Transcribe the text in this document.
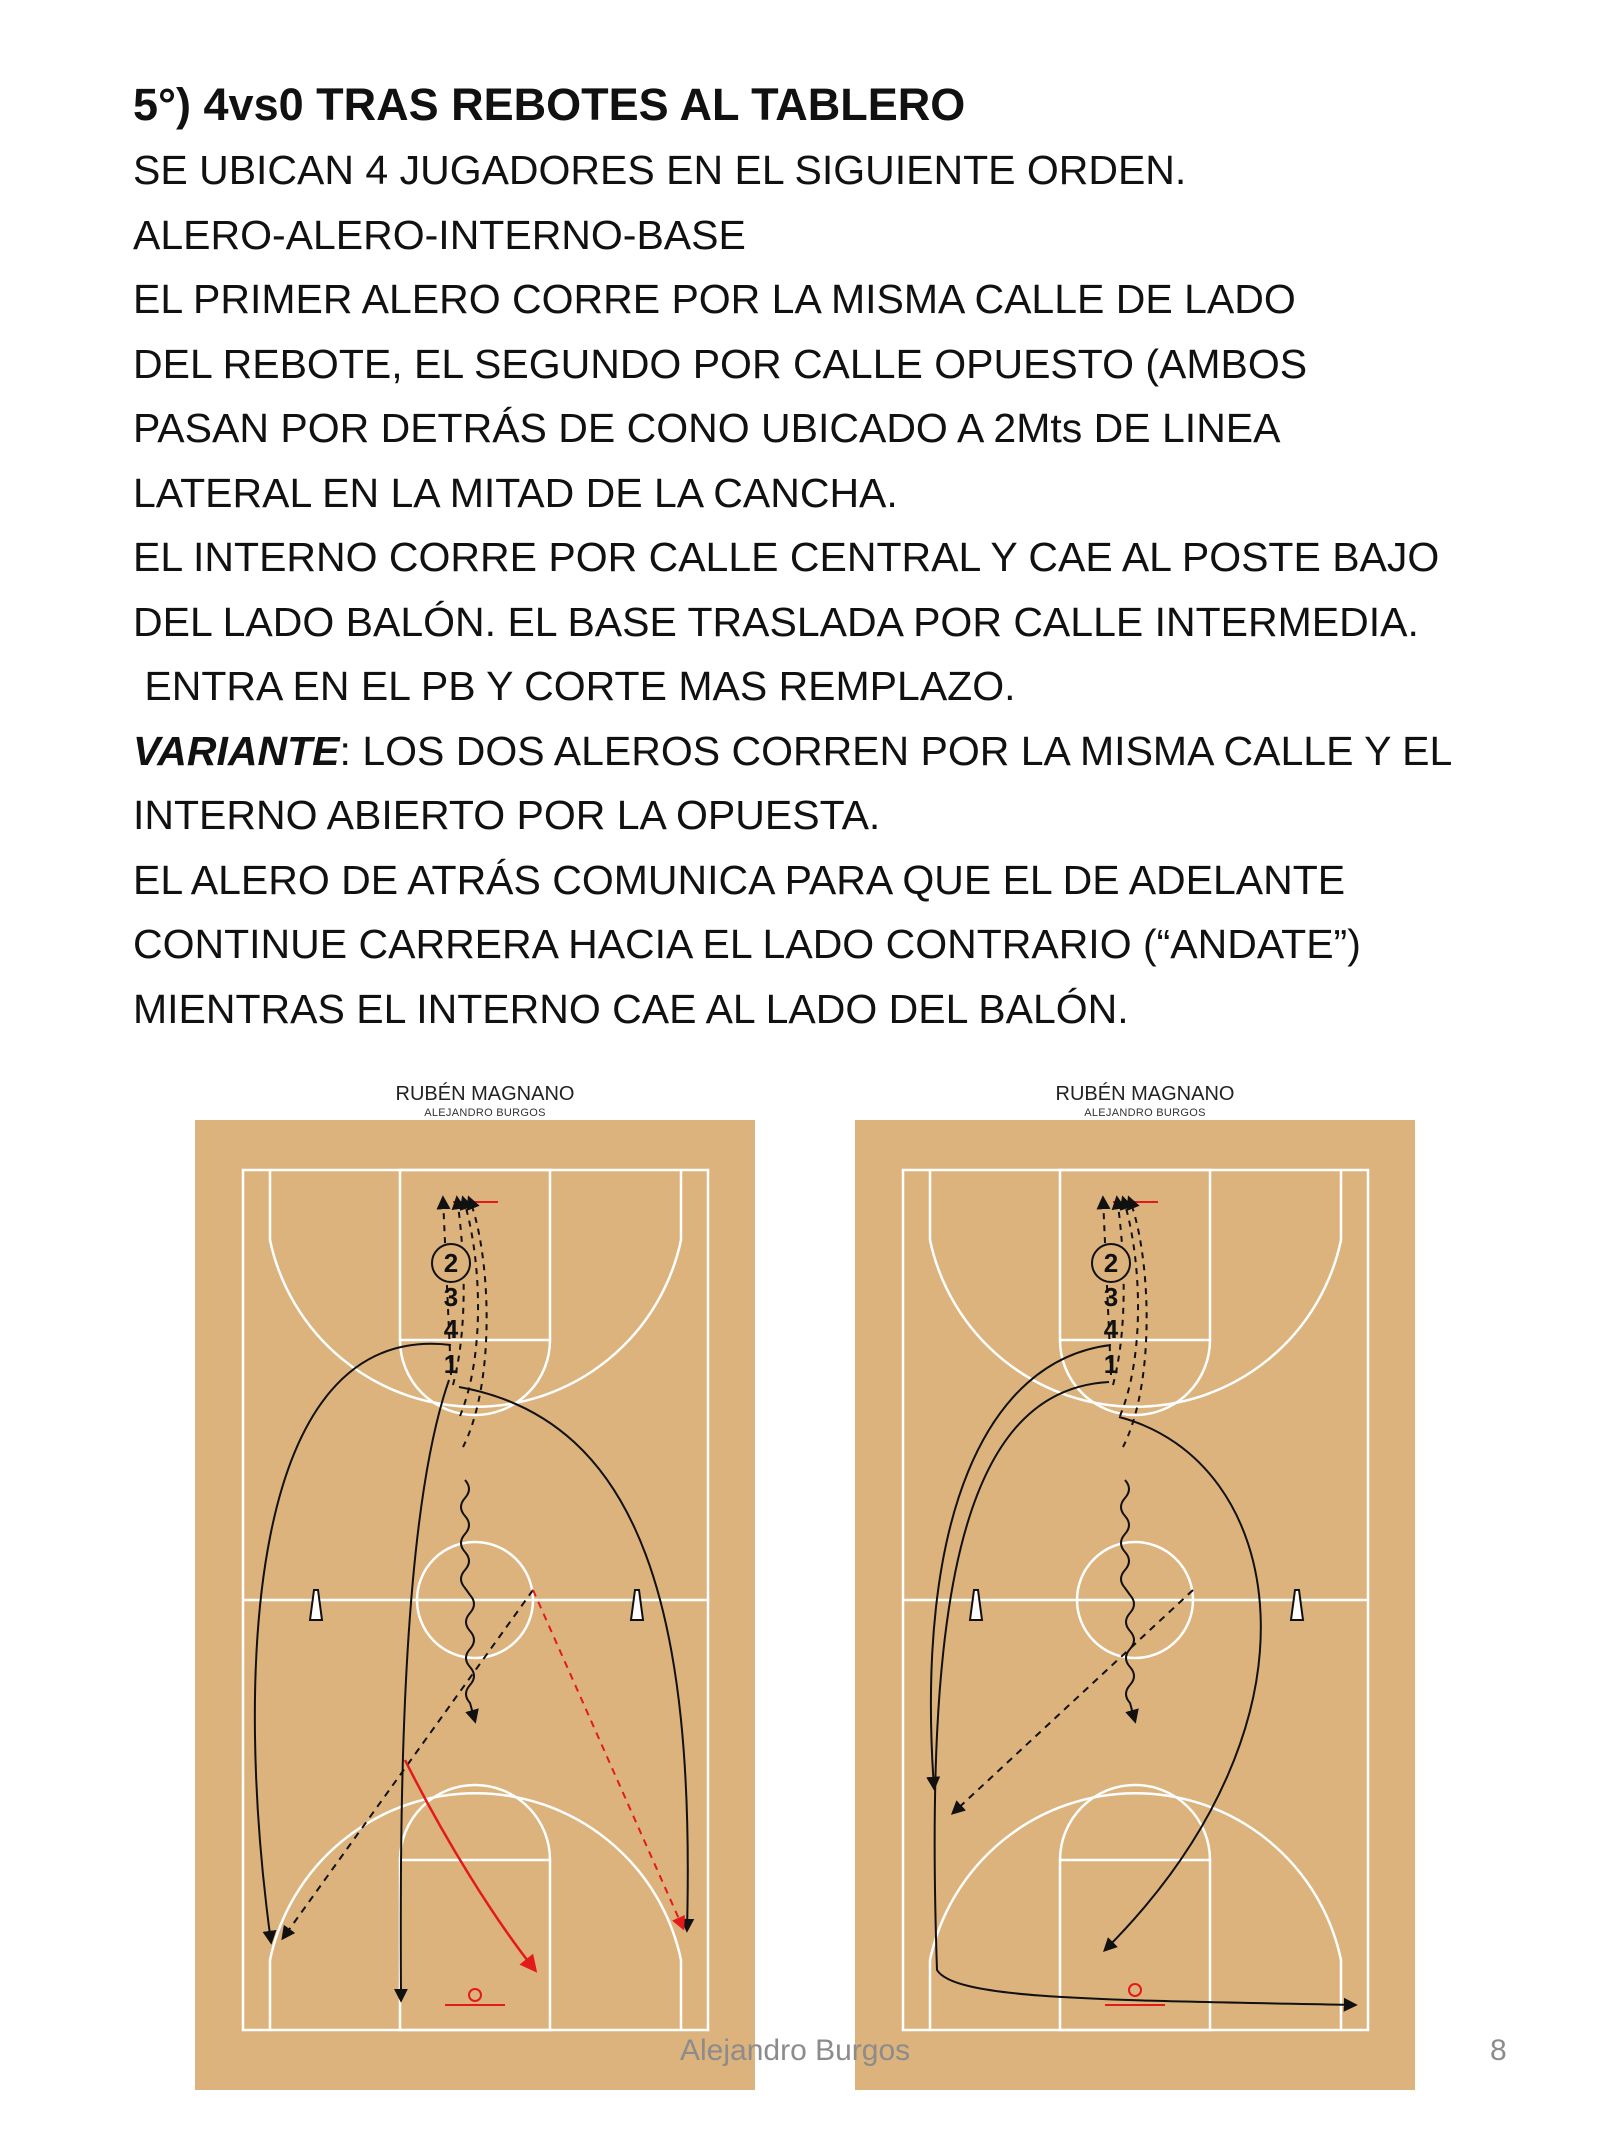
5°) 4vs0 TRAS REBOTES AL TABLERO
SE UBICAN 4 JUGADORES EN EL SIGUIENTE ORDEN.
ALERO-ALERO-INTERNO-BASE
EL PRIMER ALERO CORRE POR LA MISMA CALLE DE LADO
DEL REBOTE, EL SEGUNDO POR CALLE OPUESTO (AMBOS
PASAN POR DETRÁS DE CONO UBICADO A 2Mts DE LINEA
LATERAL EN LA MITAD DE LA CANCHA.
EL INTERNO CORRE POR CALLE CENTRAL Y CAE AL POSTE BAJO
DEL LADO BALÓN. EL BASE TRASLADA POR CALLE INTERMEDIA.
ENTRA EN EL PB Y CORTE MAS REMPLAZO.
VARIANTE: LOS DOS ALEROS CORREN POR LA MISMA CALLE Y EL
INTERNO ABIERTO POR LA OPUESTA.
EL ALERO DE ATRÁS COMUNICA PARA QUE EL DE ADELANTE
CONTINUE CARRERA HACIA EL LADO CONTRARIO (“ANDATE”)
MIENTRAS EL INTERNO CAE AL LADO DEL BALÓN.
RUBÉN MAGNANO
ALEJANDRO BURGOS
2
3
4
1
RUBÉN MAGNANO
ALEJANDRO BURGOS
2
3
4
1
Alejandro Burgos	8
